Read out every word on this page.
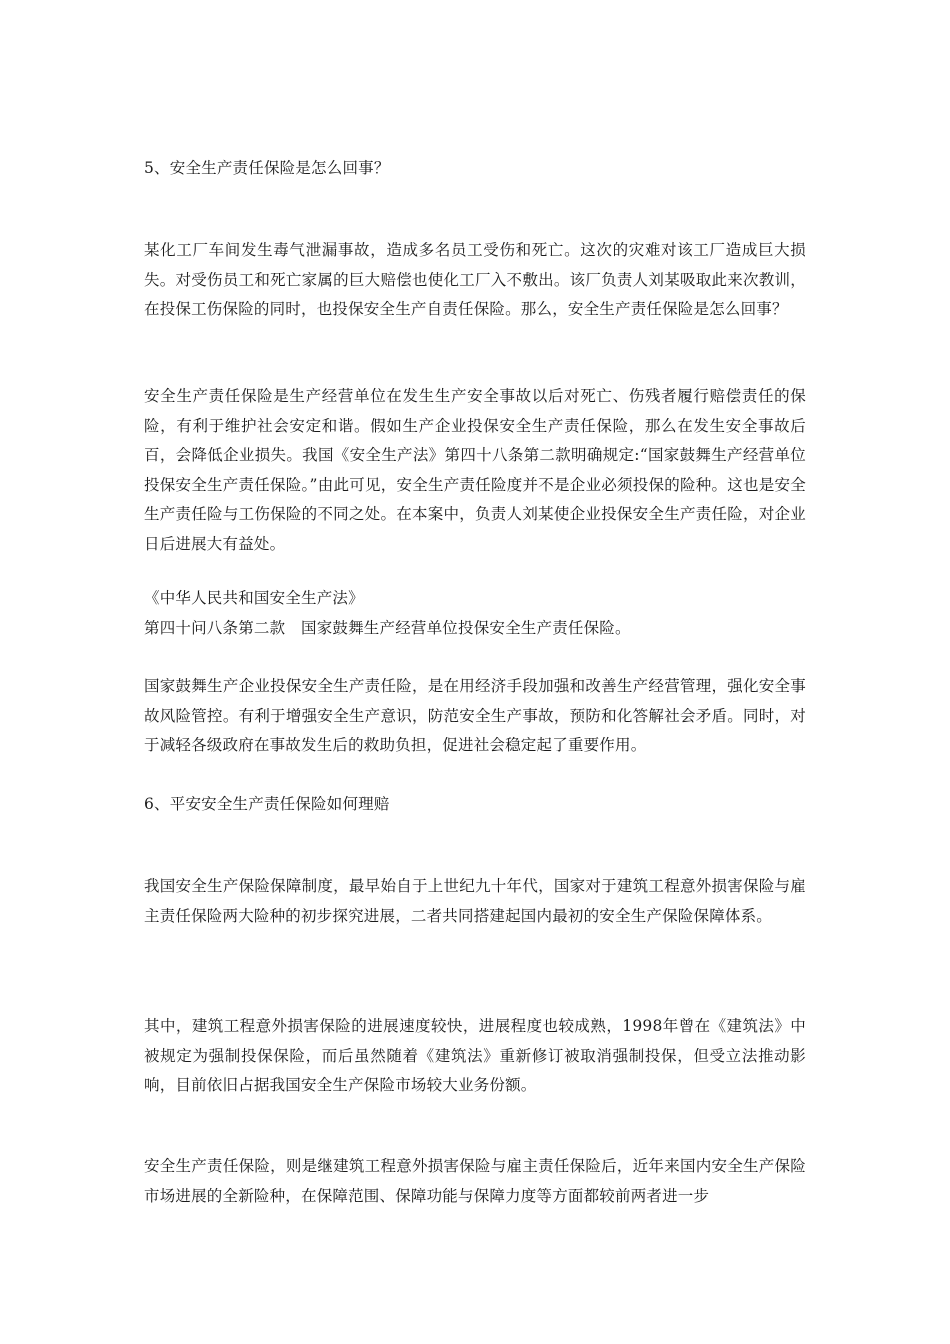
5、安全生产责任保险是怎么回事？

某化工厂车间发生毒气泄漏事故，造成多名员工受伤和死亡。这次的灾难对该工厂造成巨大损失。对受伤员工和死亡家属的巨大赔偿也使化工厂入不敷出。该厂负责人刘某吸取此来次教训，在投保工伤保险的同时，也投保安全生产自责任保险。那么，安全生产责任保险是怎么回事？

安全生产责任保险是生产经营单位在发生生产安全事故以后对死亡、伤残者履行赔偿责任的保险，有利于维护社会安定和谐。假如生产企业投保安全生产责任保险，那么在发生安全事故后百，会降低企业损失。我国《安全生产法》第四十八条第二款明确规定:“国家鼓舞生产经营单位投保安全生产责任保险。”由此可见，安全生产责任险度并不是企业必须投保的险种。这也是安全生产责任险与工伤保险的不同之处。在本案中，负责人刘某使企业投保安全生产责任险，对企业日后进展大有益处。

《中华人民共和国安全生产法》
第四十问八条第二款　国家鼓舞生产经营单位投保安全生产责任保险。

国家鼓舞生产企业投保安全生产责任险，是在用经济手段加强和改善生产经营管理，强化安全事故风险管控。有利于增强安全生产意识，防范安全生产事故，预防和化答解社会矛盾。同时，对于减轻各级政府在事故发生后的救助负担，促进社会稳定起了重要作用。

6、平安安全生产责任保险如何理赔

我国安全生产保险保障制度，最早始自于上世纪九十年代，国家对于建筑工程意外损害保险与雇主责任保险两大险种的初步探究进展，二者共同搭建起国内最初的安全生产保险保障体系。

其中，建筑工程意外损害保险的进展速度较快，进展程度也较成熟，1998年曾在《建筑法》中被规定为强制投保保险，而后虽然随着《建筑法》重新修订被取消强制投保，但受立法推动影响，目前依旧占据我国安全生产保险市场较大业务份额。

安全生产责任保险，则是继建筑工程意外损害保险与雇主责任保险后，近年来国内安全生产保险市场进展的全新险种，在保障范围、保障功能与保障力度等方面都较前两者进一步
